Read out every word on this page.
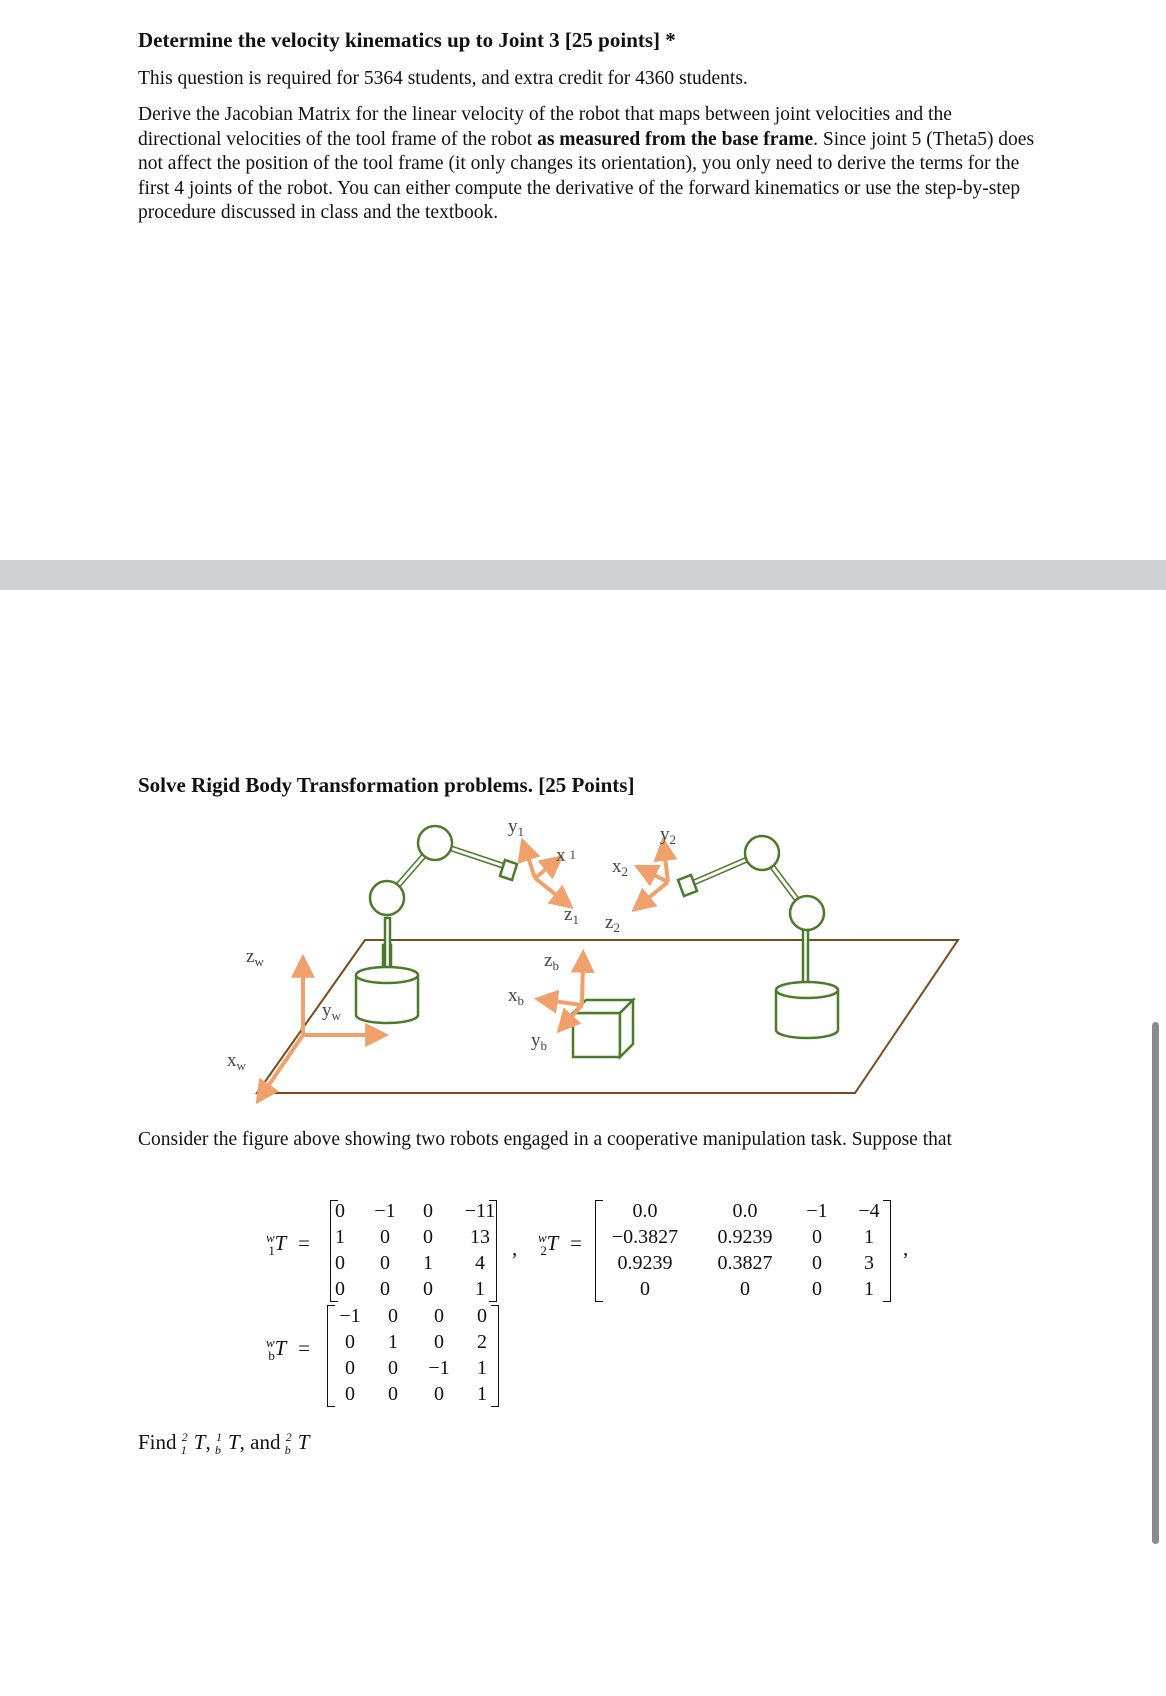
Determine the velocity kinematics up to Joint 3 [25 points] *
This question is required for 5364 students, and extra credit for 4360 students.
Derive the Jacobian Matrix for the linear velocity of the robot that maps between joint velocities and the directional velocities of the tool frame of the robot as measured from the base frame. Since joint 5 (Theta5) does not affect the position of the tool frame (it only changes its orientation), you only need to derive the terms for the first 4 joints of the robot. You can either compute the derivative of the forward kinematics or use the step-by-step procedure discussed in class and the textbook.
Solve Rigid Body Transformation problems. [25 Points]
$z_w$
$y_w$
$x_w$
$y_1$
x 1
$z_1$
$y_2$
$x_2$
$z_2$
$z_b$
$x_b$
$y_b$
Consider the figure above showing two robots engaged in a cooperative manipulation task. Suppose that
$^wT_1$ =
0	−1	0	−11
1	0	0	13
0	0	1	4
0	0	0	1
, $^wT_2$ =
0.0	0.0	−1	−4
−0.3827	0.9239	0	1
0.9239	0.3827	0	3
0	0	0	1
,
$^wT_b$ =
−1	0	0	0
0	1	0	2
0	0	−1	1
0	0	0	1
Find $^2_1$ T, $^1_b$ T, and $^2_b$ T
